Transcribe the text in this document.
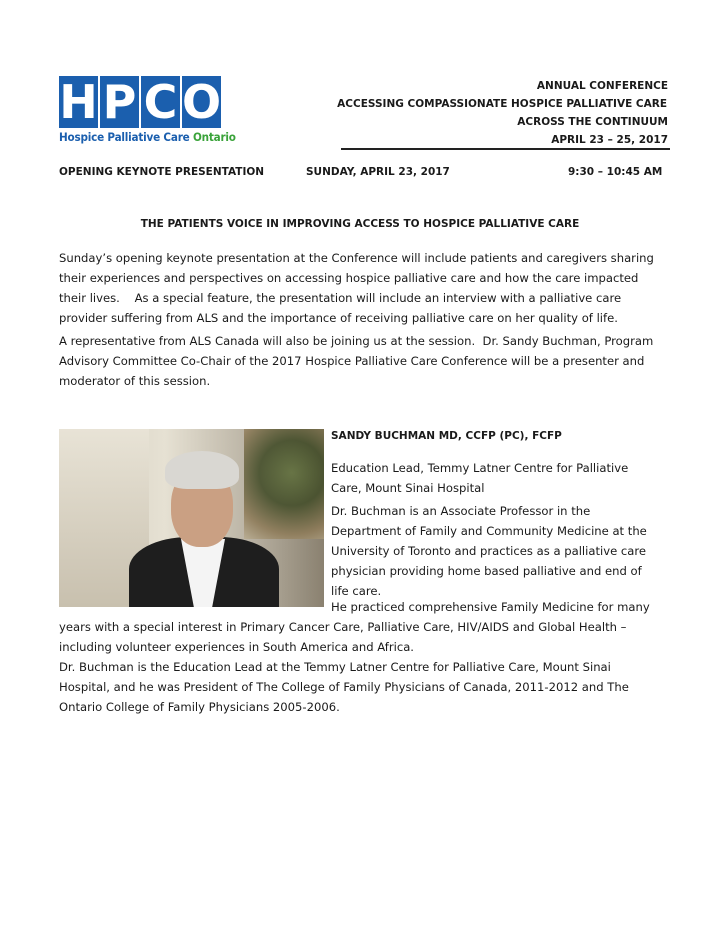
H P C O
Hospice Palliative Care Ontario
ANNUAL CONFERENCE
ACCESSING COMPASSIONATE HOSPICE PALLIATIVE CARE
ACROSS THE CONTINUUM
APRIL 23 – 25, 2017
OPENING KEYNOTE PRESENTATION	SUNDAY, APRIL 23, 2017	9:30 – 10:45 AM
THE PATIENTS VOICE IN IMPROVING ACCESS TO HOSPICE PALLIATIVE CARE
Sunday’s opening keynote presentation at the Conference will include patients and caregivers sharing
their experiences and perspectives on accessing hospice palliative care and how the care impacted
their lives.    As a special feature, the presentation will include an interview with a palliative care
provider suffering from ALS and the importance of receiving palliative care on her quality of life.
A representative from ALS Canada will also be joining us at the session.  Dr. Sandy Buchman, Program
Advisory Committee Co-Chair of the 2017 Hospice Palliative Care Conference will be a presenter and
moderator of this session.
SANDY BUCHMAN MD, CCFP (PC), FCFP
Education Lead, Temmy Latner Centre for Palliative
Care, Mount Sinai Hospital
Dr. Buchman is an Associate Professor in the
Department of Family and Community Medicine at the
University of Toronto and practices as a palliative care
physician providing home based palliative and end of
life care.
He practiced comprehensive Family Medicine for many
years with a special interest in Primary Cancer Care, Palliative Care, HIV/AIDS and Global Health –
including volunteer experiences in South America and Africa.
Dr. Buchman is the Education Lead at the Temmy Latner Centre for Palliative Care, Mount Sinai
Hospital, and he was President of The College of Family Physicians of Canada, 2011-2012 and The
Ontario College of Family Physicians 2005-2006.
